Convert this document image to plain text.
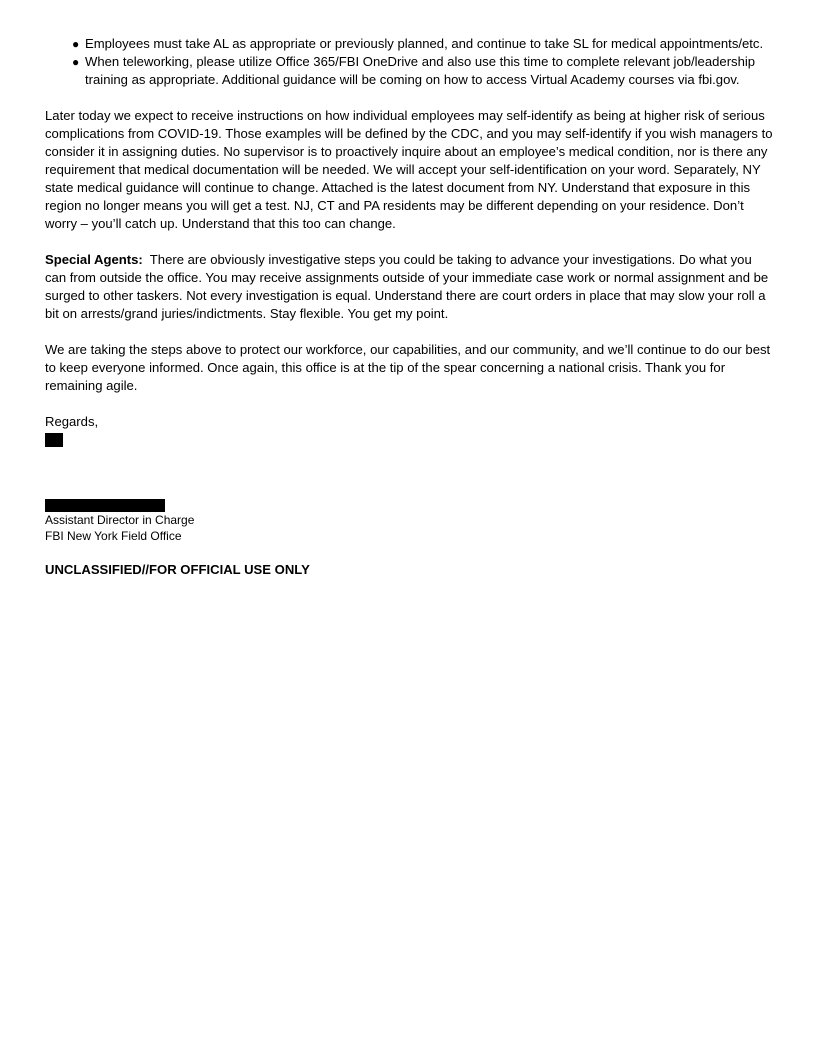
● Employees must take AL as appropriate or previously planned, and continue to take SL for medical appointments/etc.
● When teleworking, please utilize Office 365/FBI OneDrive and also use this time to complete relevant job/leadership training as appropriate. Additional guidance will be coming on how to access Virtual Academy courses via fbi.gov.

Later today we expect to receive instructions on how individual employees may self-identify as being at higher risk of serious complications from COVID-19. Those examples will be defined by the CDC, and you may self-identify if you wish managers to consider it in assigning duties. No supervisor is to proactively inquire about an employee’s medical condition, nor is there any requirement that medical documentation will be needed. We will accept your self-identification on your word. Separately, NY state medical guidance will continue to change. Attached is the latest document from NY. Understand that exposure in this region no longer means you will get a test. NJ, CT and PA residents may be different depending on your residence. Don’t worry – you’ll catch up. Understand that this too can change.

Special Agents: There are obviously investigative steps you could be taking to advance your investigations. Do what you can from outside the office. You may receive assignments outside of your immediate case work or normal assignment and be surged to other taskers. Not every investigation is equal. Understand there are court orders in place that may slow your roll a bit on arrests/grand juries/indictments. Stay flexible. You get my point.

We are taking the steps above to protect our workforce, our capabilities, and our community, and we’ll continue to do our best to keep everyone informed. Once again, this office is at the tip of the spear concerning a national crisis. Thank you for remaining agile.

Regards,

Assistant Director in Charge
FBI New York Field Office
UNCLASSIFIED//FOR OFFICIAL USE ONLY
